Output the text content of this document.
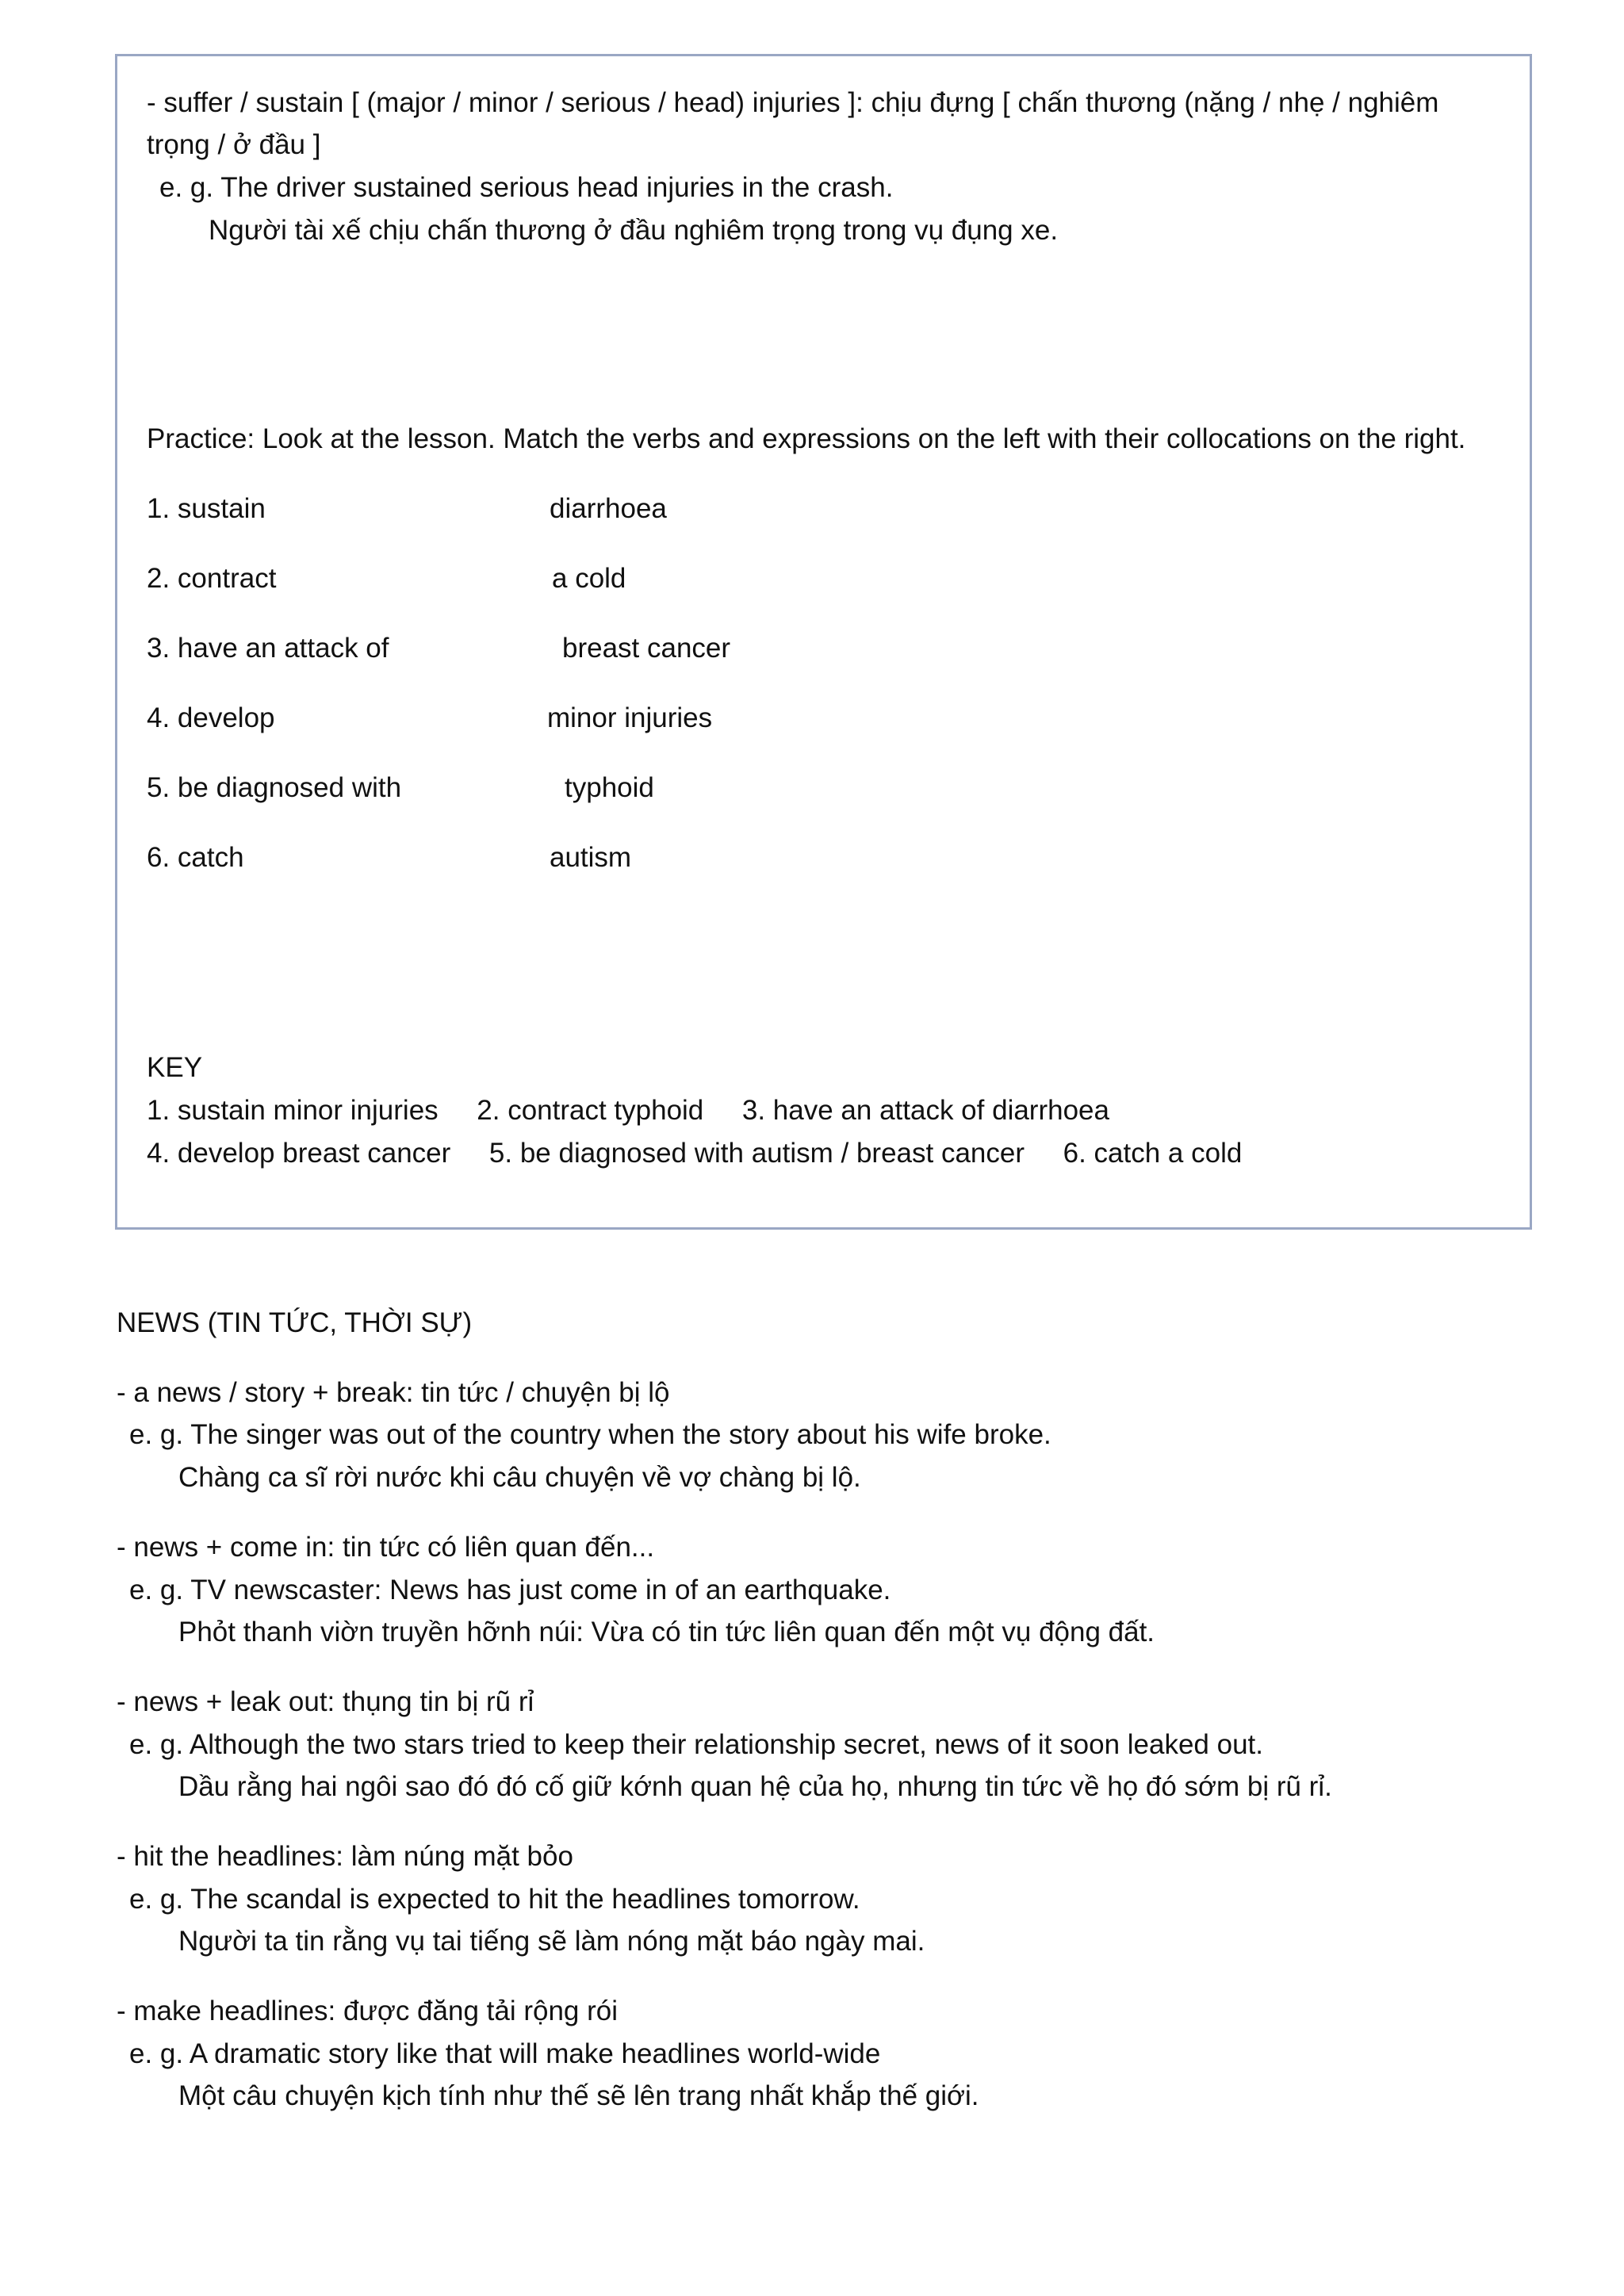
- suffer / sustain [ (major / minor / serious / head) injuries ]: chịu đựng [ chấn thương (nặng / nhẹ / nghiêm
trọng / ở đầu ]
e. g. The driver sustained serious head injuries in the crash.
Người tài xế chịu chấn thương ở đầu nghiêm trọng trong vụ đụng xe.
Practice: Look at the lesson. Match the verbs and expressions on the left with their collocations on the right.
1. sustain	diarrhoea
2. contract	a cold
3. have an attack of	breast cancer
4. develop	minor injuries
5. be diagnosed with	typhoid
6. catch	autism
KEY
1. sustain minor injuries     2. contract typhoid     3. have an attack of diarrhoea
4. develop breast cancer     5. be diagnosed with autism / breast cancer     6. catch a cold
NEWS (TIN TỨC, THỜI SỰ)
- a news / story + break: tin tức / chuyện bị lộ
e. g. The singer was out of the country when the story about his wife broke.
Chàng ca sĩ rời nước khi câu chuyện về vợ chàng bị lộ.
- news + come in: tin tức có liên quan đến...
e. g. TV newscaster: News has just come in of an earthquake.
Phỏt thanh viờn truyền hỡnh núi: Vừa có tin tức liên quan đến một vụ động đất.
- news + leak out: thụng tin bị rũ rỉ
e. g. Although the two stars tried to keep their relationship secret, news of it soon leaked out.
Dầu rằng hai ngôi sao đó đó cố giữ kớnh quan hệ của họ, nhưng tin tức về họ đó sớm bị rũ rỉ.
- hit the headlines: làm núng mặt bỏo
e. g. The scandal is expected to hit the headlines tomorrow.
Người ta tin rằng vụ tai tiếng sẽ làm nóng mặt báo ngày mai.
- make headlines: được đăng tải rộng rói
e. g. A dramatic story like that will make headlines world-wide
Một câu chuyện kịch tính như thế sẽ lên trang nhất khắp thế giới.
